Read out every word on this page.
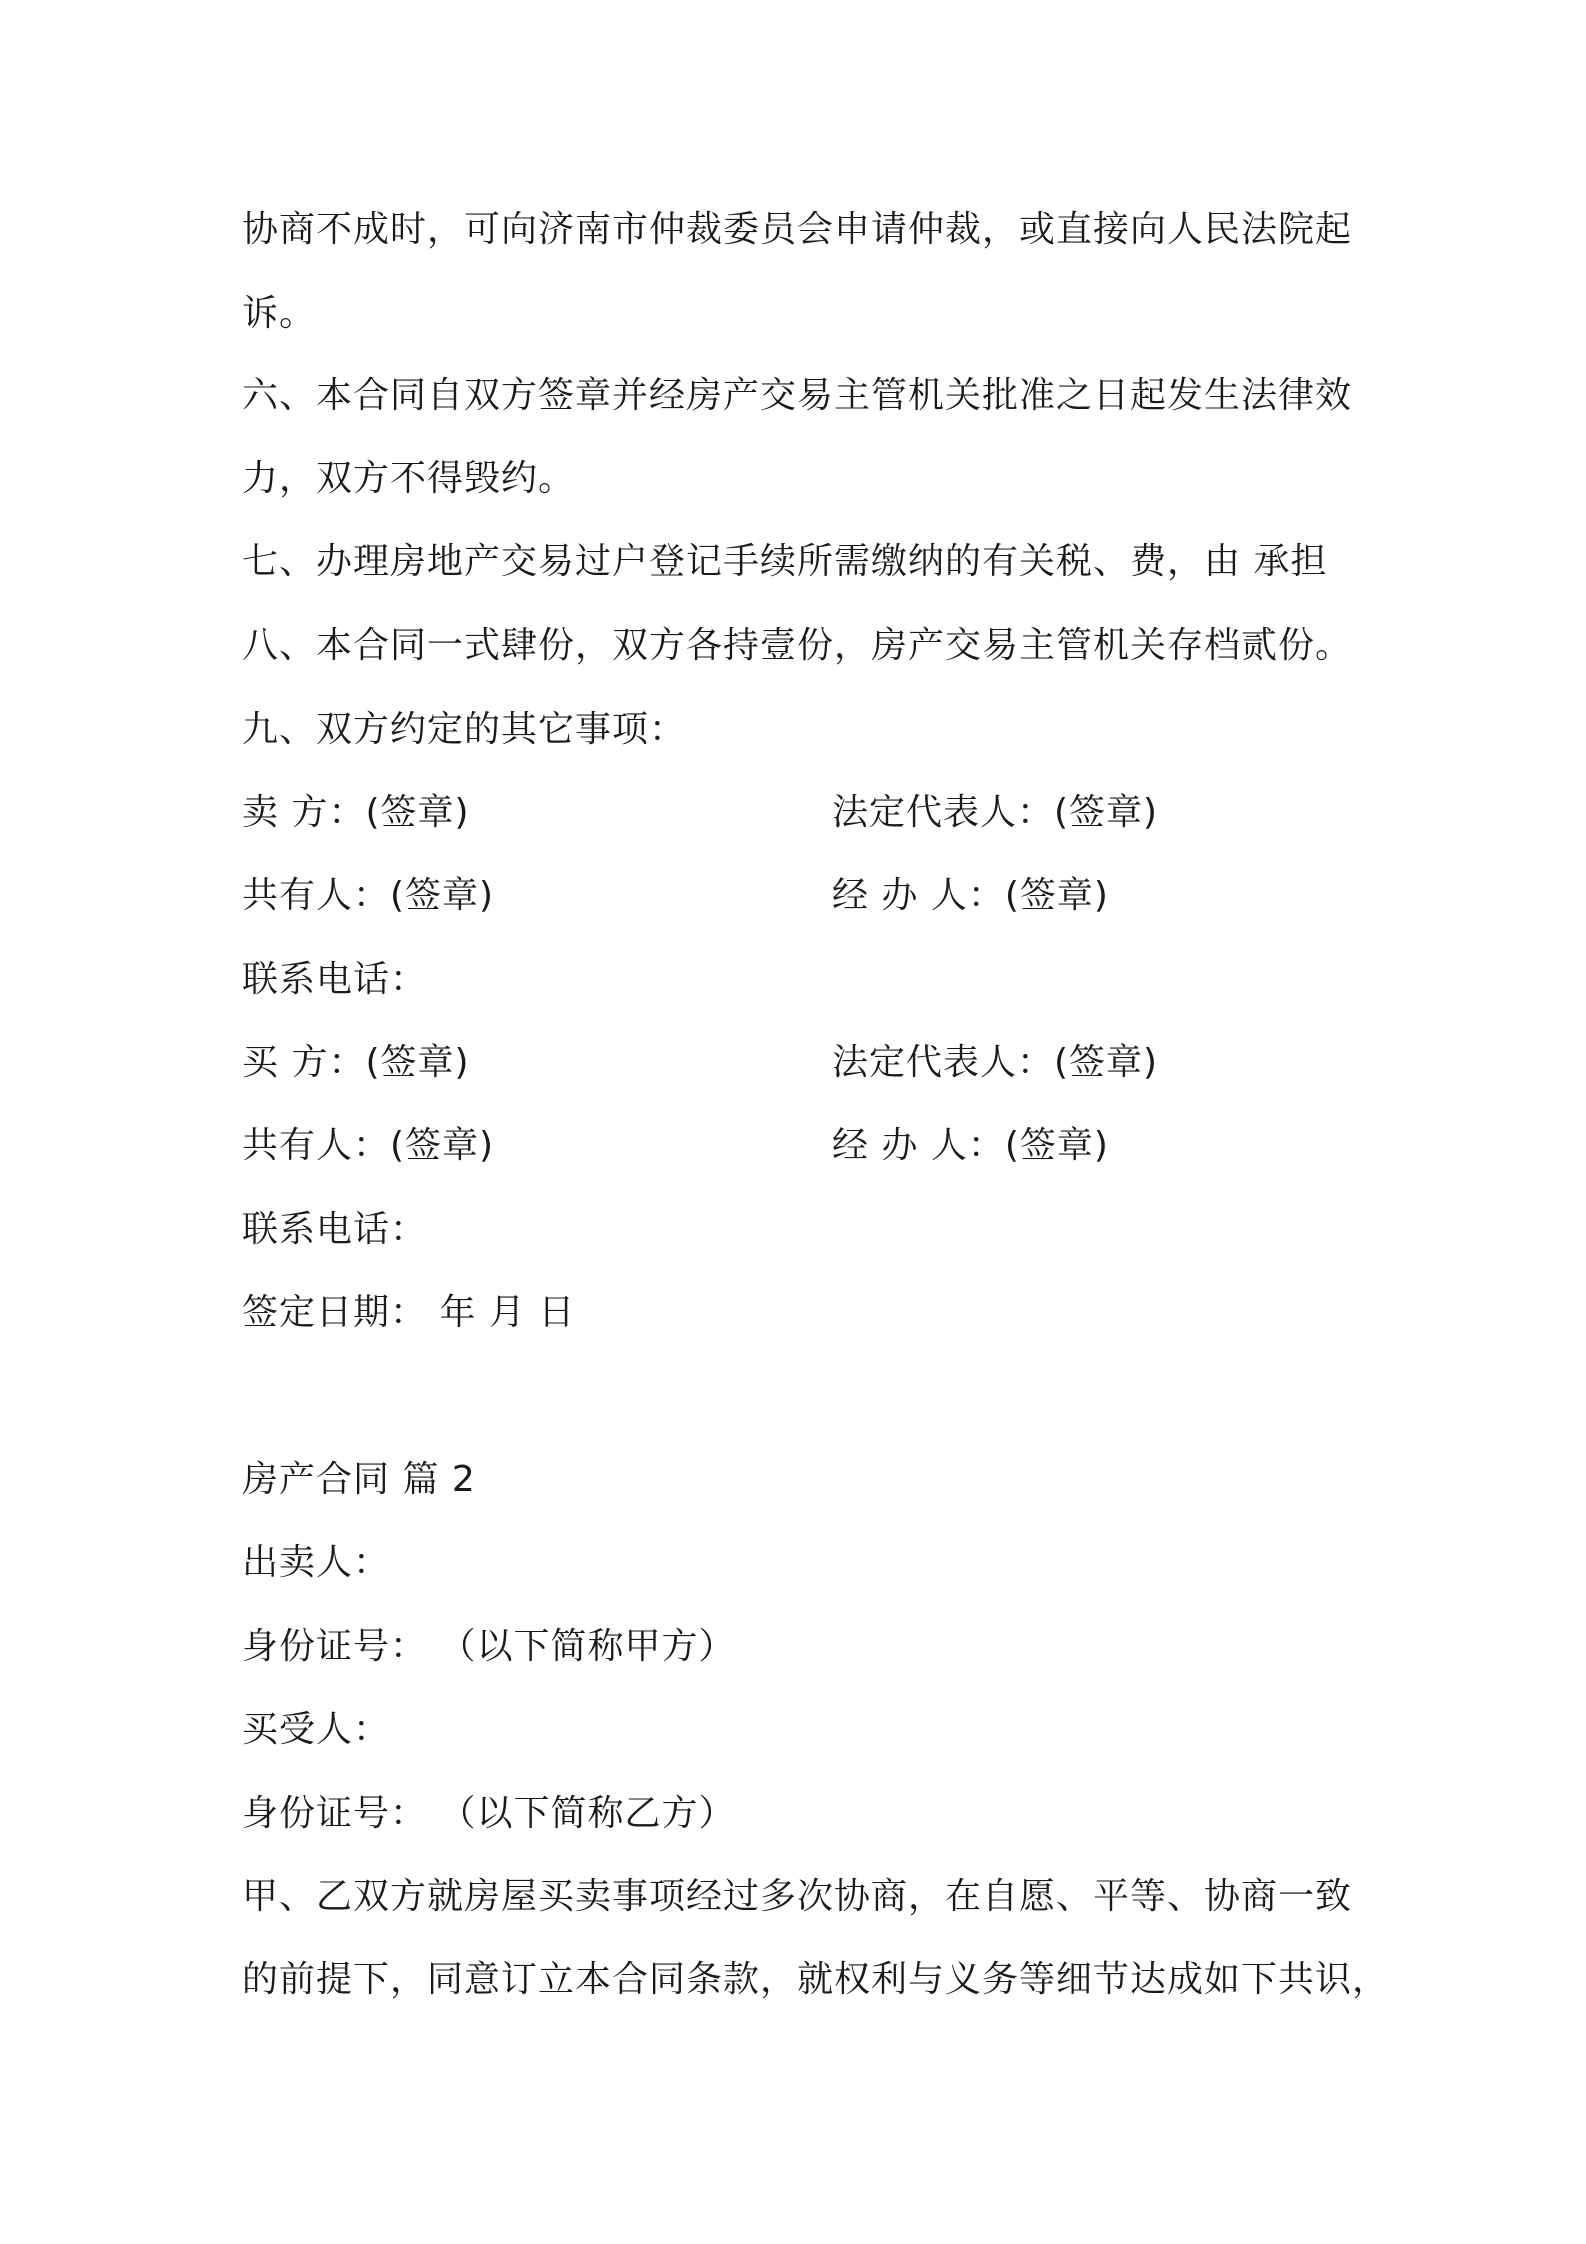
协商不成时，可向济南市仲裁委员会申请仲裁，或直接向人民法院起
诉。
六、本合同自双方签章并经房产交易主管机关批准之日起发生法律效
力，双方不得毁约。
七、办理房地产交易过户登记手续所需缴纳的有关税、费，由 承担
八、本合同一式肆份，双方各持壹份，房产交易主管机关存档贰份。
九、双方约定的其它事项：
卖 方：(签章)	法定代表人：(签章)
共有人：(签章)	经 办 人：(签章)
联系电话：
买 方：(签章)	法定代表人：(签章)
共有人：(签章)	经 办 人：(签章)
联系电话：
签定日期： 年 月 日
房产合同 篇 2
出卖人：
身份证号： （以下简称甲方）
买受人：
身份证号： （以下简称乙方）
甲、乙双方就房屋买卖事项经过多次协商，在自愿、平等、协商一致
的前提下，同意订立本合同条款，就权利与义务等细节达成如下共识，
